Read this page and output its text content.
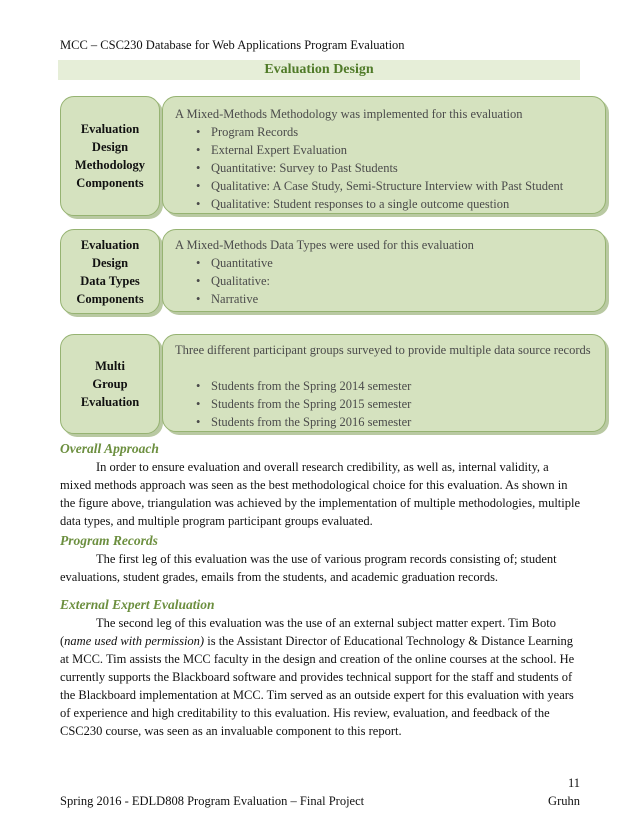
MCC – CSC230 Database for Web Applications Program Evaluation
Evaluation Design
Evaluation
Design
Methodology
Components
A Mixed-Methods Methodology was implemented for this evaluation
• Program Records
• External Expert Evaluation
• Quantitative: Survey to Past Students
• Qualitative: A Case Study, Semi-Structure Interview with Past Student
• Qualitative: Student responses to a single outcome question
Evaluation
Design
Data Types
Components
A Mixed-Methods Data Types were used for this evaluation
• Quantitative
• Qualitative:
• Narrative
Multi
Group
Evaluation
Three different participant groups surveyed to provide multiple data source records
• Students from the Spring 2014 semester
• Students from the Spring 2015 semester
• Students from the Spring 2016 semester
Overall Approach

In order to ensure evaluation and overall research credibility, as well as, internal validity, a mixed methods approach was seen as the best methodological choice for this evaluation. As shown in the figure above, triangulation was achieved by the implementation of multiple methodologies, multiple data types, and multiple program participant groups evaluated.

Program Records

The first leg of this evaluation was the use of various program records consisting of; student evaluations, student grades, emails from the students, and academic graduation records.

External Expert Evaluation

The second leg of this evaluation was the use of an external subject matter expert. Tim Boto (name used with permission) is the Assistant Director of Educational Technology & Distance Learning at MCC. Tim assists the MCC faculty in the design and creation of the online courses at the school. He currently supports the Blackboard software and provides technical support for the staff and students of the Blackboard implementation at MCC. Tim served as an outside expert for this evaluation with years of experience and high creditability to this evaluation. His review, evaluation, and feedback of the CSC230 course, was seen as an invaluable component to this report.

11
Spring 2016 - EDLD808 Program Evaluation – Final Project	Gruhn
